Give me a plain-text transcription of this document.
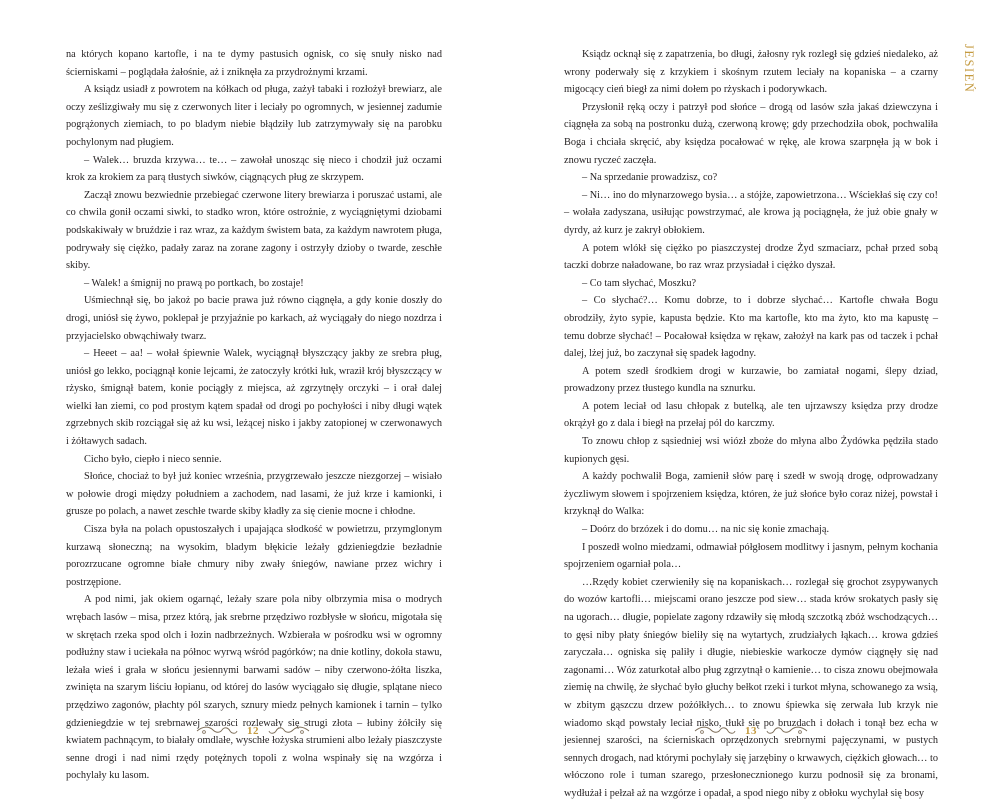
na których kopano kartofle, i na te dymy pastusich ognisk, co się snuły nisko nad ścierniskami – poglądała żałośnie, aż i zniknęła za przydrożnymi krzami.

A ksiądz usiadł z powrotem na kółkach od pługa, zażył tabaki i rozłożył brewiarz, ale oczy ześlizgiwały mu się z czerwonych liter i leciały po ogromnych, w jesiennej zadumie pogrążonych ziemiach, to po bladym niebie błądziły lub zatrzymywały się na parobku pochylonym nad pługiem.

– Walek… bruzda krzywa… te… – zawołał unosząc się nieco i chodził już oczami krok za krokiem za parą tłustych siwków, ciągnących pług ze skrzypem.

Zaczął znowu bezwiednie przebiegać czerwone litery brewiarza i poruszać ustami, ale co chwila gonił oczami siwki, to stadko wron, które ostrożnie, z wyciągniętymi dziobami podskakiwały w bruździe i raz wraz, za każdym świstem bata, za każdym nawrotem pługa, podrywały się ciężko, padały zaraz na zorane zagony i ostrzyły dzioby o twarde, zeschłe skiby.

– Walek! a śmignij no prawą po portkach, bo zostaje!

Uśmiechnął się, bo jakoż po bacie prawa już równo ciągnęła, a gdy konie doszły do drogi, uniósł się żywo, poklepał je przyjaźnie po karkach, aż wyciągały do niego nozdrza i przyjacielsko obwąchiwały twarz.

– Heeet – aa! – wołał śpiewnie Walek, wyciągnął błyszczący jakby ze srebra pług, uniósł go lekko, pociągnął konie lejcami, że zatoczyły krótki łuk, wraził krój błyszczący w rżysko, śmignął batem, konie pociągły z miejsca, aż zgrzytnęły orczyki – i orał dalej wielki łan ziemi, co pod prostym kątem spadał od drogi po pochyłości i niby długi wątek zgrzebnych skib rozciągał się aż ku wsi, leżącej nisko i jakby zatopionej w czerwonawych i żółtawych sadach.

Cicho było, ciepło i nieco sennie.

Słońce, chociaż to był już koniec września, przygrzewało jeszcze niezgorzej – wisiało w połowie drogi między południem a zachodem, nad lasami, że już krze i kamionki, i grusze po polach, a nawet zeschłe twarde skiby kładły za się cienie mocne i chłodne.

Cisza była na polach opustoszałych i upajająca słodkość w powietrzu, przymglonym kurzawą słoneczną; na wysokim, bladym błękicie leżały gdzieniegdzie bezładnie porozrzucane ogromne białe chmury niby zwały śniegów, nawiane przez wichry i postrzępione.

A pod nimi, jak okiem ogarnąć, leżały szare pola niby olbrzymia misa o modrych wrębach lasów – misa, przez którą, jak srebrne przędziwo rozbłysłe w słońcu, migotała się w skrętach rzeka spod olch i łozin nadbrzeżnych. Wzbierała w pośrodku wsi w ogromny podłużny staw i uciekała na północ wyrwą wśród pagórków; na dnie kotliny, dokoła stawu, leżała wieś i grała w słońcu jesiennymi barwami sadów – niby czerwono-żółta liszka, zwinięta na szarym liściu łopianu, od której do lasów wyciągało się długie, splątane nieco przędziwo zagonów, płachty pól szarych, sznury miedz pełnych kamionek i tarnin – tylko gdzieniegdzie w tej srebrnawej szarości rozlewały się strugi złota – łubiny żółciły się kwiatem pachnącym, to białały omdlałe, wyschłe łożyska strumieni albo leżały piaszczyste senne drogi i nad nimi rzędy potężnych topoli z wolna wspinały się na wzgórza i pochylały ku lasom.

12

Ksiądz ocknął się z zapatrzenia, bo długi, żałosny ryk rozległ się gdzieś niedaleko, aż wrony poderwały się z krzykiem i skośnym rzutem leciały na kopaniska – a czarny migocący cień biegł za nimi dołem po rżyskach i podorywkach.

Przysłonił ręką oczy i patrzył pod słońce – drogą od lasów szła jakaś dziewczyna i ciągnęła za sobą na postronku dużą, czerwoną krowę; gdy przechodziła obok, pochwaliła Boga i chciała skręcić, aby księdza pocałować w rękę, ale krowa szarpnęła ją w bok i znowu ryczeć zaczęła.

– Na sprzedanie prowadzisz, co?

– Ni… ino do młynarzowego bysia… a stójże, zapowietrzona… Wściekłaś się czy co! – wołała zadyszana, usiłując powstrzymać, ale krowa ją pociągnęła, że już obie gnały w dyrdy, aż kurz je zakrył obłokiem.

A potem wlókł się ciężko po piaszczystej drodze Żyd szmaciarz, pchał przed sobą taczki dobrze naładowane, bo raz wraz przysiadał i ciężko dyszał.

– Co tam słychać, Moszku?

– Co słychać?… Komu dobrze, to i dobrze słychać… Kartofle chwała Bogu obrodziły, żyto sypie, kapusta będzie. Kto ma kartofle, kto ma żyto, kto ma kapustę – temu dobrze słychać! – Pocałował księdza w rękaw, założył na kark pas od taczek i pchał dalej, lżej już, bo zaczynał się spadek łagodny.

A potem szedł środkiem drogi w kurzawie, bo zamiatał nogami, ślepy dziad, prowadzony przez tłustego kundla na sznurku.

A potem leciał od lasu chłopak z butelką, ale ten ujrzawszy księdza przy drodze okrążył go z dala i biegł na przełaj pól do karczmy.

To znowu chłop z sąsiedniej wsi wiózł zboże do młyna albo Żydówka pędziła stado kupionych gęsi.

A każdy pochwalił Boga, zamienił słów parę i szedł w swoją drogę, odprowadzany życzliwym słowem i spojrzeniem księdza, któren, że już słońce było coraz niżej, powstał i krzyknął do Walka:

– Doórz do brzózek i do domu… na nic się konie zmachają.

I poszedł wolno miedzami, odmawiał półgłosem modlitwy i jasnym, pełnym kochania spojrzeniem ogarniał pola…

…Rzędy kobiet czerwieniły się na kopaniskach… rozlegał się grochot zsypywanych do wozów kartofli… miejscami orano jeszcze pod siew… stada krów srokatych pasły się na ugorach… długie, popielate zagony rdzawiły się młodą szczotką zbóż wschodzących… to gęsi niby płaty śniegów bieliły się na wytartych, zrudziałych łąkach… krowa gdzieś zaryczała… ogniska się paliły i długie, niebieskie warkocze dymów ciągnęły się nad zagonami… Wóz zaturkotał albo pług zgrzytnął o kamienie… to cisza znowu obejmowała ziemię na chwilę, że słychać było głuchy bełkot rzeki i turkot młyna, schowanego za wsią, w zbitym gąszczu drzew pożółkłych… to znowu śpiewka się zerwała lub krzyk nie wiadomo skąd powstały leciał nisko, tłukł się po bruzdach i dołach i tonął bez echa w jesiennej szarości, na ścierniskach oprzędzonych srebrnymi pajęczynami, w pustych sennych drogach, nad którymi pochylały się jarzębiny o krwawych, ciężkich głowach… to włóczono role i tuman szarego, przesłonecznionego kurzu podnosił się za bronami, wydłużał i pełzał aż na wzgórze i opadał, a spod niego niby z obłoku wychylał się bosy

13
JESIEŃ
